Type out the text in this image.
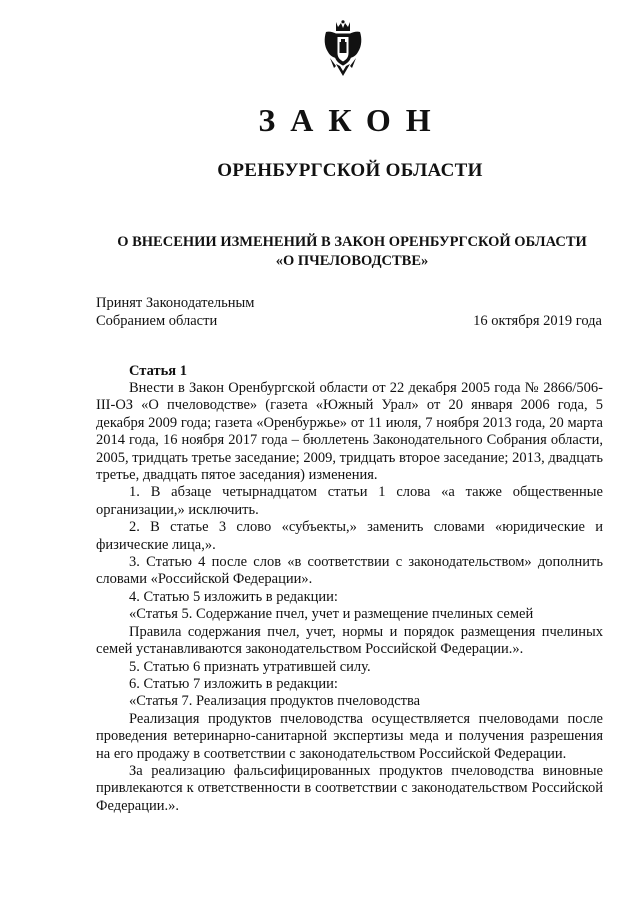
ЗАКОН
ОРЕНБУРГСКОЙ ОБЛАСТИ
О ВНЕСЕНИИ ИЗМЕНЕНИЙ В ЗАКОН ОРЕНБУРГСКОЙ ОБЛАСТИ
«О ПЧЕЛОВОДСТВЕ»
Принят Законодательным
Собранием области	16 октября 2019 года
Статья 1

Внести в Закон Оренбургской области от 22 декабря 2005 года № 2866/506-III-ОЗ «О пчеловодстве» (газета «Южный Урал» от 20 января 2006 года, 5 декабря 2009 года; газета «Оренбуржье» от 11 июля, 7 ноября 2013 года, 20 марта 2014 года, 16 ноября 2017 года – бюллетень Законодательного Собрания области, 2005, тридцать третье заседание; 2009, тридцать второе заседание; 2013, двадцать третье, двадцать пятое заседания) изменения.

1. В абзаце четырнадцатом статьи 1 слова «а также общественные организации,» исключить.

2. В статье 3 слово «субъекты,» заменить словами «юридические и физические лица,».

3. Статью 4 после слов «в соответствии с законодательством» дополнить словами «Российской Федерации».

4. Статью 5 изложить в редакции:

«Статья 5. Содержание пчел, учет и размещение пчелиных семей

Правила содержания пчел, учет, нормы и порядок размещения пчелиных семей устанавливаются законодательством Российской Федерации.».

5. Статью 6 признать утратившей силу.

6. Статью 7 изложить в редакции:

«Статья 7. Реализация продуктов пчеловодства

Реализация продуктов пчеловодства осуществляется пчеловодами после проведения ветеринарно-санитарной экспертизы меда и получения разрешения на его продажу в соответствии с законодательством Российской Федерации.

За реализацию фальсифицированных продуктов пчеловодства виновные привлекаются к ответственности в соответствии с законодательством Российской Федерации.».
